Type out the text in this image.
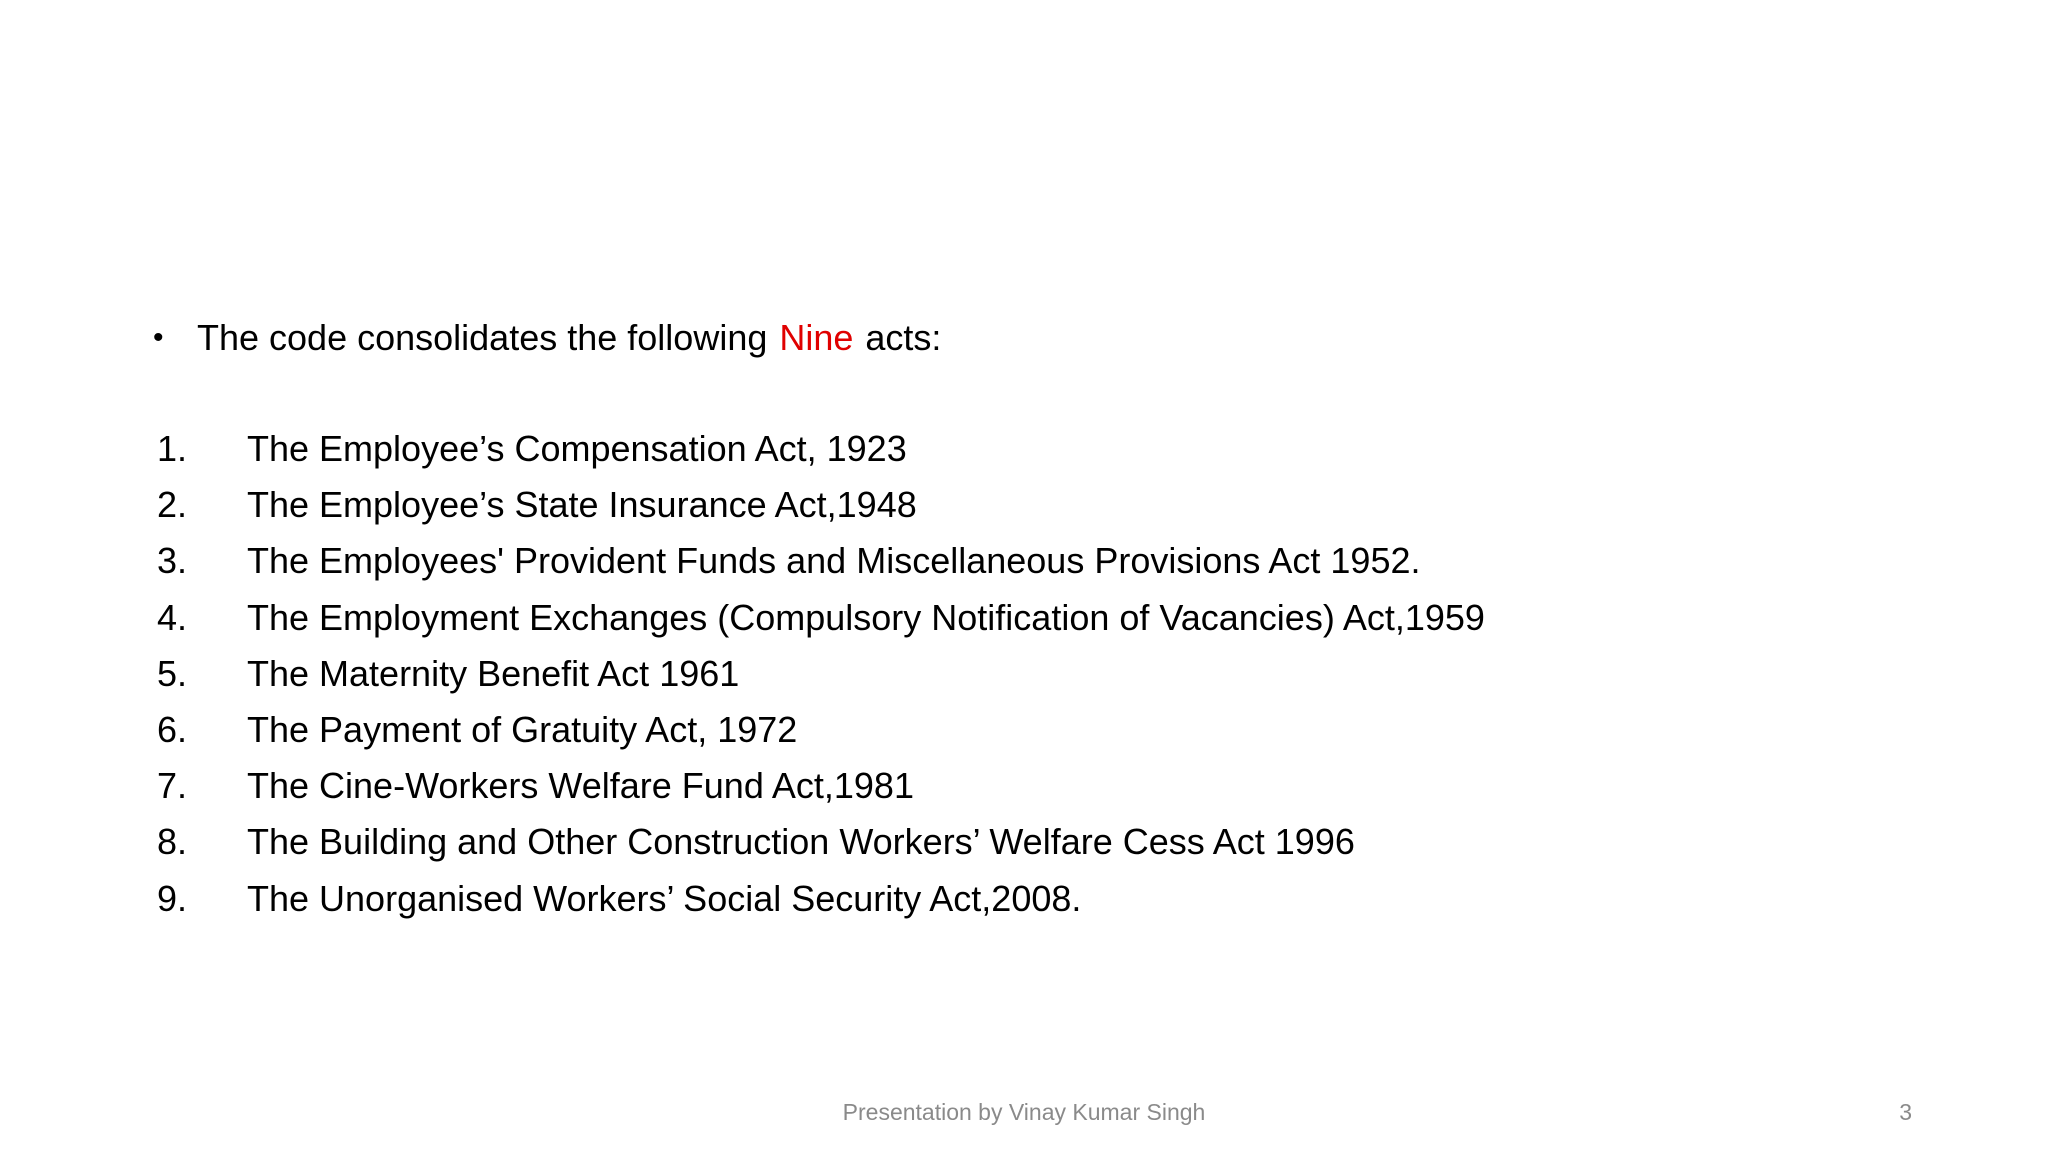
• The code consolidates the following Nine acts:
1.	The Employee’s Compensation Act, 1923
2.	The Employee’s State Insurance Act,1948
3.	The Employees' Provident Funds and Miscellaneous Provisions Act 1952.
4.	The Employment Exchanges (Compulsory Notification of Vacancies) Act,1959
5.	The Maternity Benefit Act 1961
6.	The Payment of Gratuity Act, 1972
7.	The Cine-Workers Welfare Fund Act,1981
8.	The Building and Other Construction Workers’ Welfare Cess Act 1996
9.	The Unorganised Workers’ Social Security Act,2008.
Presentation by Vinay Kumar Singh	3
